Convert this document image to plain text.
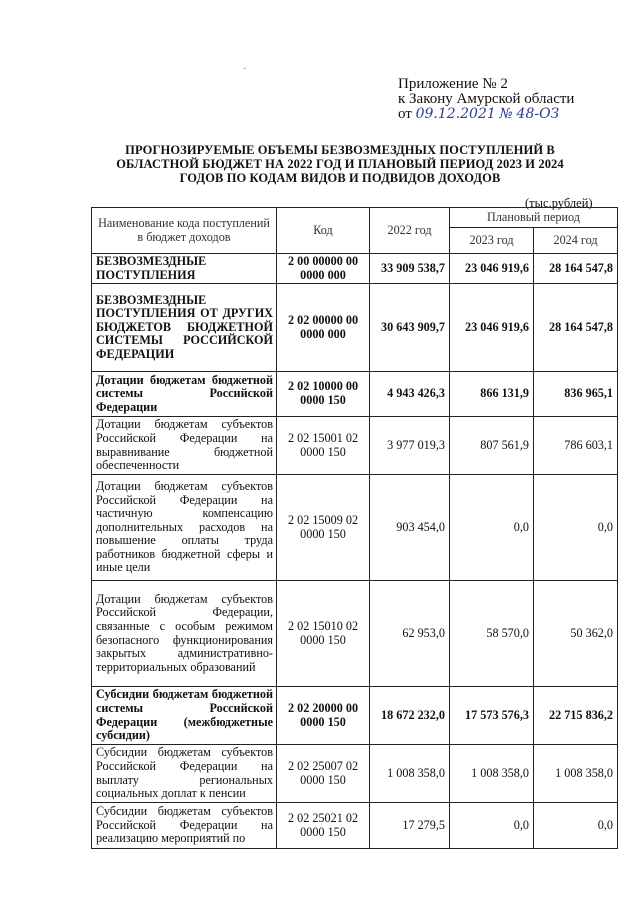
·
Приложение № 2
к Закону Амурской области
от 09.12.2021 № 48-ОЗ
ПРОГНОЗИРУЕМЫЕ ОБЪЕМЫ БЕЗВОЗМЕЗДНЫХ ПОСТУПЛЕНИЙ В ОБЛАСТНОЙ БЮДЖЕТ НА 2022 ГОД И ПЛАНОВЫЙ ПЕРИОД 2023 И 2024 ГОДОВ ПО КОДАМ ВИДОВ И ПОДВИДОВ ДОХОДОВ
(тыс.рублей)
Наименование кода поступлений в бюджет доходов	Код	2022 год	Плановый период	
			2023 год	2024 год
БЕЗВОЗМЕЗДНЫЕ ПОСТУПЛЕНИЯ	2 00 00000 00 0000 000	33 909 538,7	23 046 919,6	28 164 547,8
БЕЗВОЗМЕЗДНЫЕ ПОСТУПЛЕНИЯ ОТ ДРУГИХ БЮДЖЕТОВ БЮДЖЕТНОЙ СИСТЕМЫ РОССИЙСКОЙ ФЕДЕРАЦИИ	2 02 00000 00 0000 000	30 643 909,7	23 046 919,6	28 164 547,8
Дотации бюджетам бюджетной системы Российской Федерации	2 02 10000 00 0000 150	4 943 426,3	866 131,9	836 965,1
Дотации бюджетам субъектов Российской Федерации на выравнивание бюджетной обеспеченности	2 02 15001 02 0000 150	3 977 019,3	807 561,9	786 603,1
Дотации бюджетам субъектов Российской Федерации на частичную компенсацию дополнительных расходов на повышение оплаты труда работников бюджетной сферы и иные цели	2 02 15009 02 0000 150	903 454,0	0,0	0,0
Дотации бюджетам субъектов Российской Федерации, связанные с особым режимом безопасного функционирования закрытых административно-территориальных образований	2 02 15010 02 0000 150	62 953,0	58 570,0	50 362,0
Субсидии бюджетам бюджетной системы Российской Федерации (межбюджетные субсидии)	2 02 20000 00 0000 150	18 672 232,0	17 573 576,3	22 715 836,2
Субсидии бюджетам субъектов Российской Федерации на выплату региональных социальных доплат к пенсии	2 02 25007 02 0000 150	1 008 358,0	1 008 358,0	1 008 358,0
Субсидии бюджетам субъектов Российской Федерации на реализацию мероприятий по	2 02 25021 02 0000 150	17 279,5	0,0	0,0
